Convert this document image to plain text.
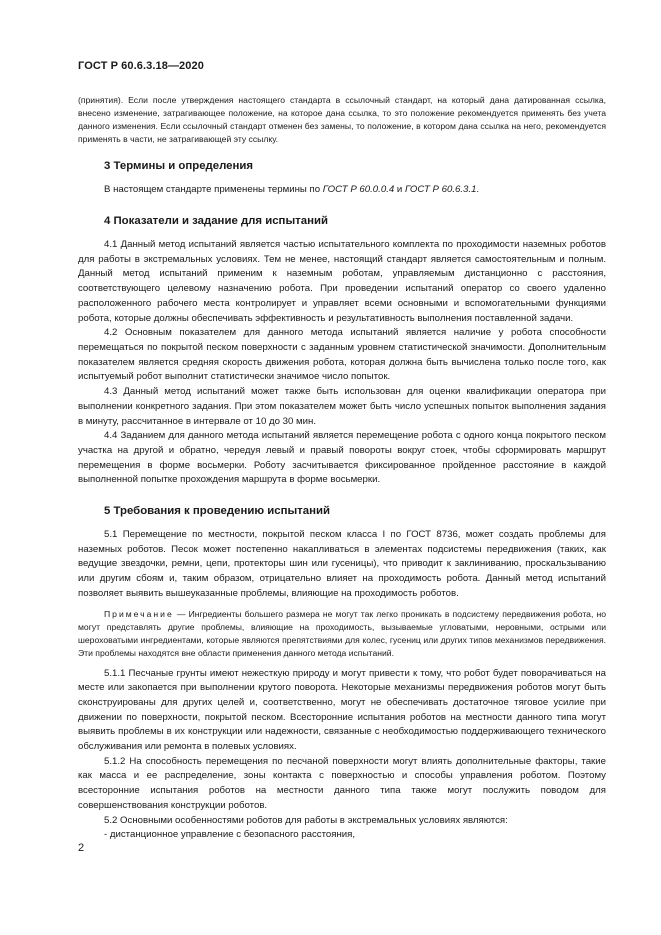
ГОСТ Р 60.6.3.18—2020

(принятия). Если после утверждения настоящего стандарта в ссылочный стандарт, на который дана датированная ссылка, внесено изменение, затрагивающее положение, на которое дана ссылка, то это положение рекомендуется применять без учета данного изменения. Если ссылочный стандарт отменен без замены, то положение, в котором дана ссылка на него, рекомендуется применять в части, не затрагивающей эту ссылку.

3 Термины и определения

В настоящем стандарте применены термины по ГОСТ Р 60.0.0.4 и ГОСТ Р 60.6.3.1.

4 Показатели и задание для испытаний

4.1 Данный метод испытаний является частью испытательного комплекта по проходимости наземных роботов для работы в экстремальных условиях. Тем не менее, настоящий стандарт является самостоятельным и полным. Данный метод испытаний применим к наземным роботам, управляемым дистанционно с расстояния, соответствующего целевому назначению робота. При проведении испытаний оператор со своего удаленно расположенного рабочего места контролирует и управляет всеми основными и вспомогательными функциями робота, которые должны обеспечивать эффективность и результативность выполнения поставленной задачи.

4.2 Основным показателем для данного метода испытаний является наличие у робота способности перемещаться по покрытой песком поверхности с заданным уровнем статистической значимости. Дополнительным показателем является средняя скорость движения робота, которая должна быть вычислена только после того, как испытуемый робот выполнит статистически значимое число попыток.

4.3 Данный метод испытаний может также быть использован для оценки квалификации оператора при выполнении конкретного задания. При этом показателем может быть число успешных попыток выполнения задания в минуту, рассчитанное в интервале от 10 до 30 мин.

4.4 Заданием для данного метода испытаний является перемещение робота с одного конца покрытого песком участка на другой и обратно, чередуя левый и правый повороты вокруг стоек, чтобы сформировать маршрут перемещения в форме восьмерки. Роботу засчитывается фиксированное пройденное расстояние в каждой выполненной попытке прохождения маршрута в форме восьмерки.

5 Требования к проведению испытаний

5.1 Перемещение по местности, покрытой песком класса I по ГОСТ 8736, может создать проблемы для наземных роботов. Песок может постепенно накапливаться в элементах подсистемы передвижения (таких, как ведущие звездочки, ремни, цепи, протекторы шин или гусеницы), что приводит к заклиниванию, проскальзыванию или другим сбоям и, таким образом, отрицательно влияет на проходимость робота. Данный метод испытаний позволяет выявить вышеуказанные проблемы, влияющие на проходимость роботов.

Примечание — Ингредиенты большего размера не могут так легко проникать в подсистему передвижения робота, но могут представлять другие проблемы, влияющие на проходимость, вызываемые угловатыми, неровными, острыми или шероховатыми ингредиентами, которые являются препятствиями для колес, гусениц или других типов механизмов передвижения. Эти проблемы находятся вне области применения данного метода испытаний.

5.1.1 Песчаные грунты имеют нежесткую природу и могут привести к тому, что робот будет поворачиваться на месте или закопается при выполнении крутого поворота. Некоторые механизмы передвижения роботов могут быть сконструированы для других целей и, соответственно, могут не обеспечивать достаточное тяговое усилие при движении по поверхности, покрытой песком. Всесторонние испытания роботов на местности данного типа могут выявить проблемы в их конструкции или надежности, связанные с необходимостью поддерживающего технического обслуживания или ремонта в полевых условиях.

5.1.2 На способность перемещения по песчаной поверхности могут влиять дополнительные факторы, такие как масса и ее распределение, зоны контакта с поверхностью и способы управления роботом. Поэтому всесторонние испытания роботов на местности данного типа также могут послужить поводом для совершенствования конструкции роботов.

5.2 Основными особенностями роботов для работы в экстремальных условиях являются:

- дистанционное управление с безопасного расстояния,

2
